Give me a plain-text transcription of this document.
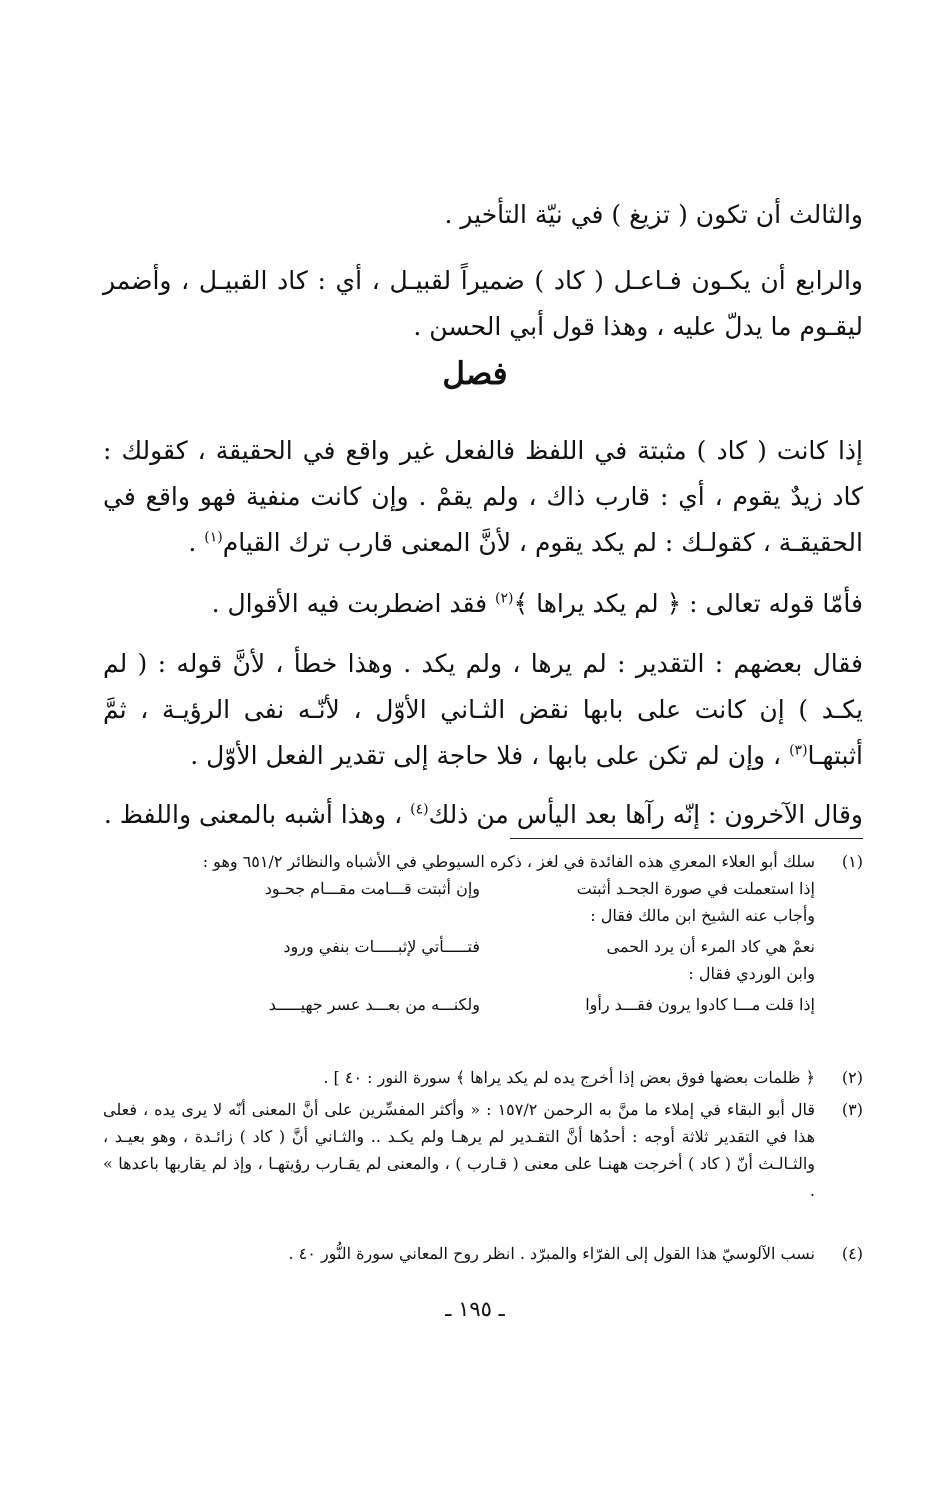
والثالث أن تكون ( تزيغ ) في نيّة التأخير .

والرابع أن يكـون فـاعـل ( كاد ) ضميراً لقبيـل ، أي : كاد القبيـل ، وأضمر ليقـوم ما يدلّ عليه ، وهذا قول أبي الحسن .

فصل

إذا كانت ( كاد ) مثبتة في اللفظ فالفعل غير واقع في الحقيقة ، كقولك : كاد زيدٌ يقوم ، أي : قارب ذاك ، ولم يقمْ . وإن كانت منفية فهو واقع في الحقيقـة ، كقولـك : لم يكد يقوم ، لأنَّ المعنى قارب ترك القيام$^{(١)}$ .

فأمّا قوله تعالى : ﴿ لم يكد يراها ﴾$^{(٢)}$ فقد اضطربت فيه الأقوال .

فقال بعضهم : التقدير : لم يرها ، ولم يكد . وهذا خطأ ، لأنَّ قوله : ( لم يكـد ) إن كانت على بابها نقض الثـاني الأوّل ، لأنّـه نفى الرؤيـة ، ثمَّ أثبتهـا$^{(٣)}$ ، وإن لم تكن على بابها ، فلا حاجة إلى تقدير الفعل الأوّل .

وقال الآخرون : إنّه رآها بعد اليأس من ذلك$^{(٤)}$ ، وهذا أشبه بالمعنى واللفظ .

(١)
سلك أبو العلاء المعري هذه الفائدة في لغز ، ذكره السيوطي في الأشباه والنظائر ٦٥١/٢ وهو :
إذا استعملت في صورة الجحـد أثبتت
وإن أثبتت قـــامت مقـــام جحـود
وأجاب عنه الشيخ ابن مالك فقال :
نعمْ هي كاد المرء أن يرد الحمى
فتـــــأتي لإثبـــــات بنفي ورود
وابن الوردي فقال :
إذا قلت مـــا كادوا يرون فقـــد رأوا
ولكنـــه من بعـــد عسر جهيـــــد
(٢)
﴿ ظلمات بعضها فوق بعض إذا أخرج يده لم يكد يراها ﴾ سورة النور : ٤٠ ] .
(٣)
قال أبو البقاء في إملاء ما منَّ به الرحمن ١٥٧/٢ : « وأكثر المفسِّرين على أنَّ المعنى أنّه لا يرى يده ، فعلى هذا في التقدير ثلاثة أوجه : أحدُها أنَّ التقـدير لم يرهـا ولم يكـد .. والثـاني أنَّ ( كاد ) زائـدة ، وهو بعيـد ، والثـالـث أنّ ( كاد ) أخرجت ههنـا على معنى ( قـارب ) ، والمعنى لم يقـارب رؤيتهـا ، وإذ لم يقاربها باعدها » .
(٤)
نسب الآلوسيّ هذا القول إلى الفرّاء والمبرّد . انظر روح المعاني سورة النُّور ٤٠ .
ـ ١٩٥ ـ
